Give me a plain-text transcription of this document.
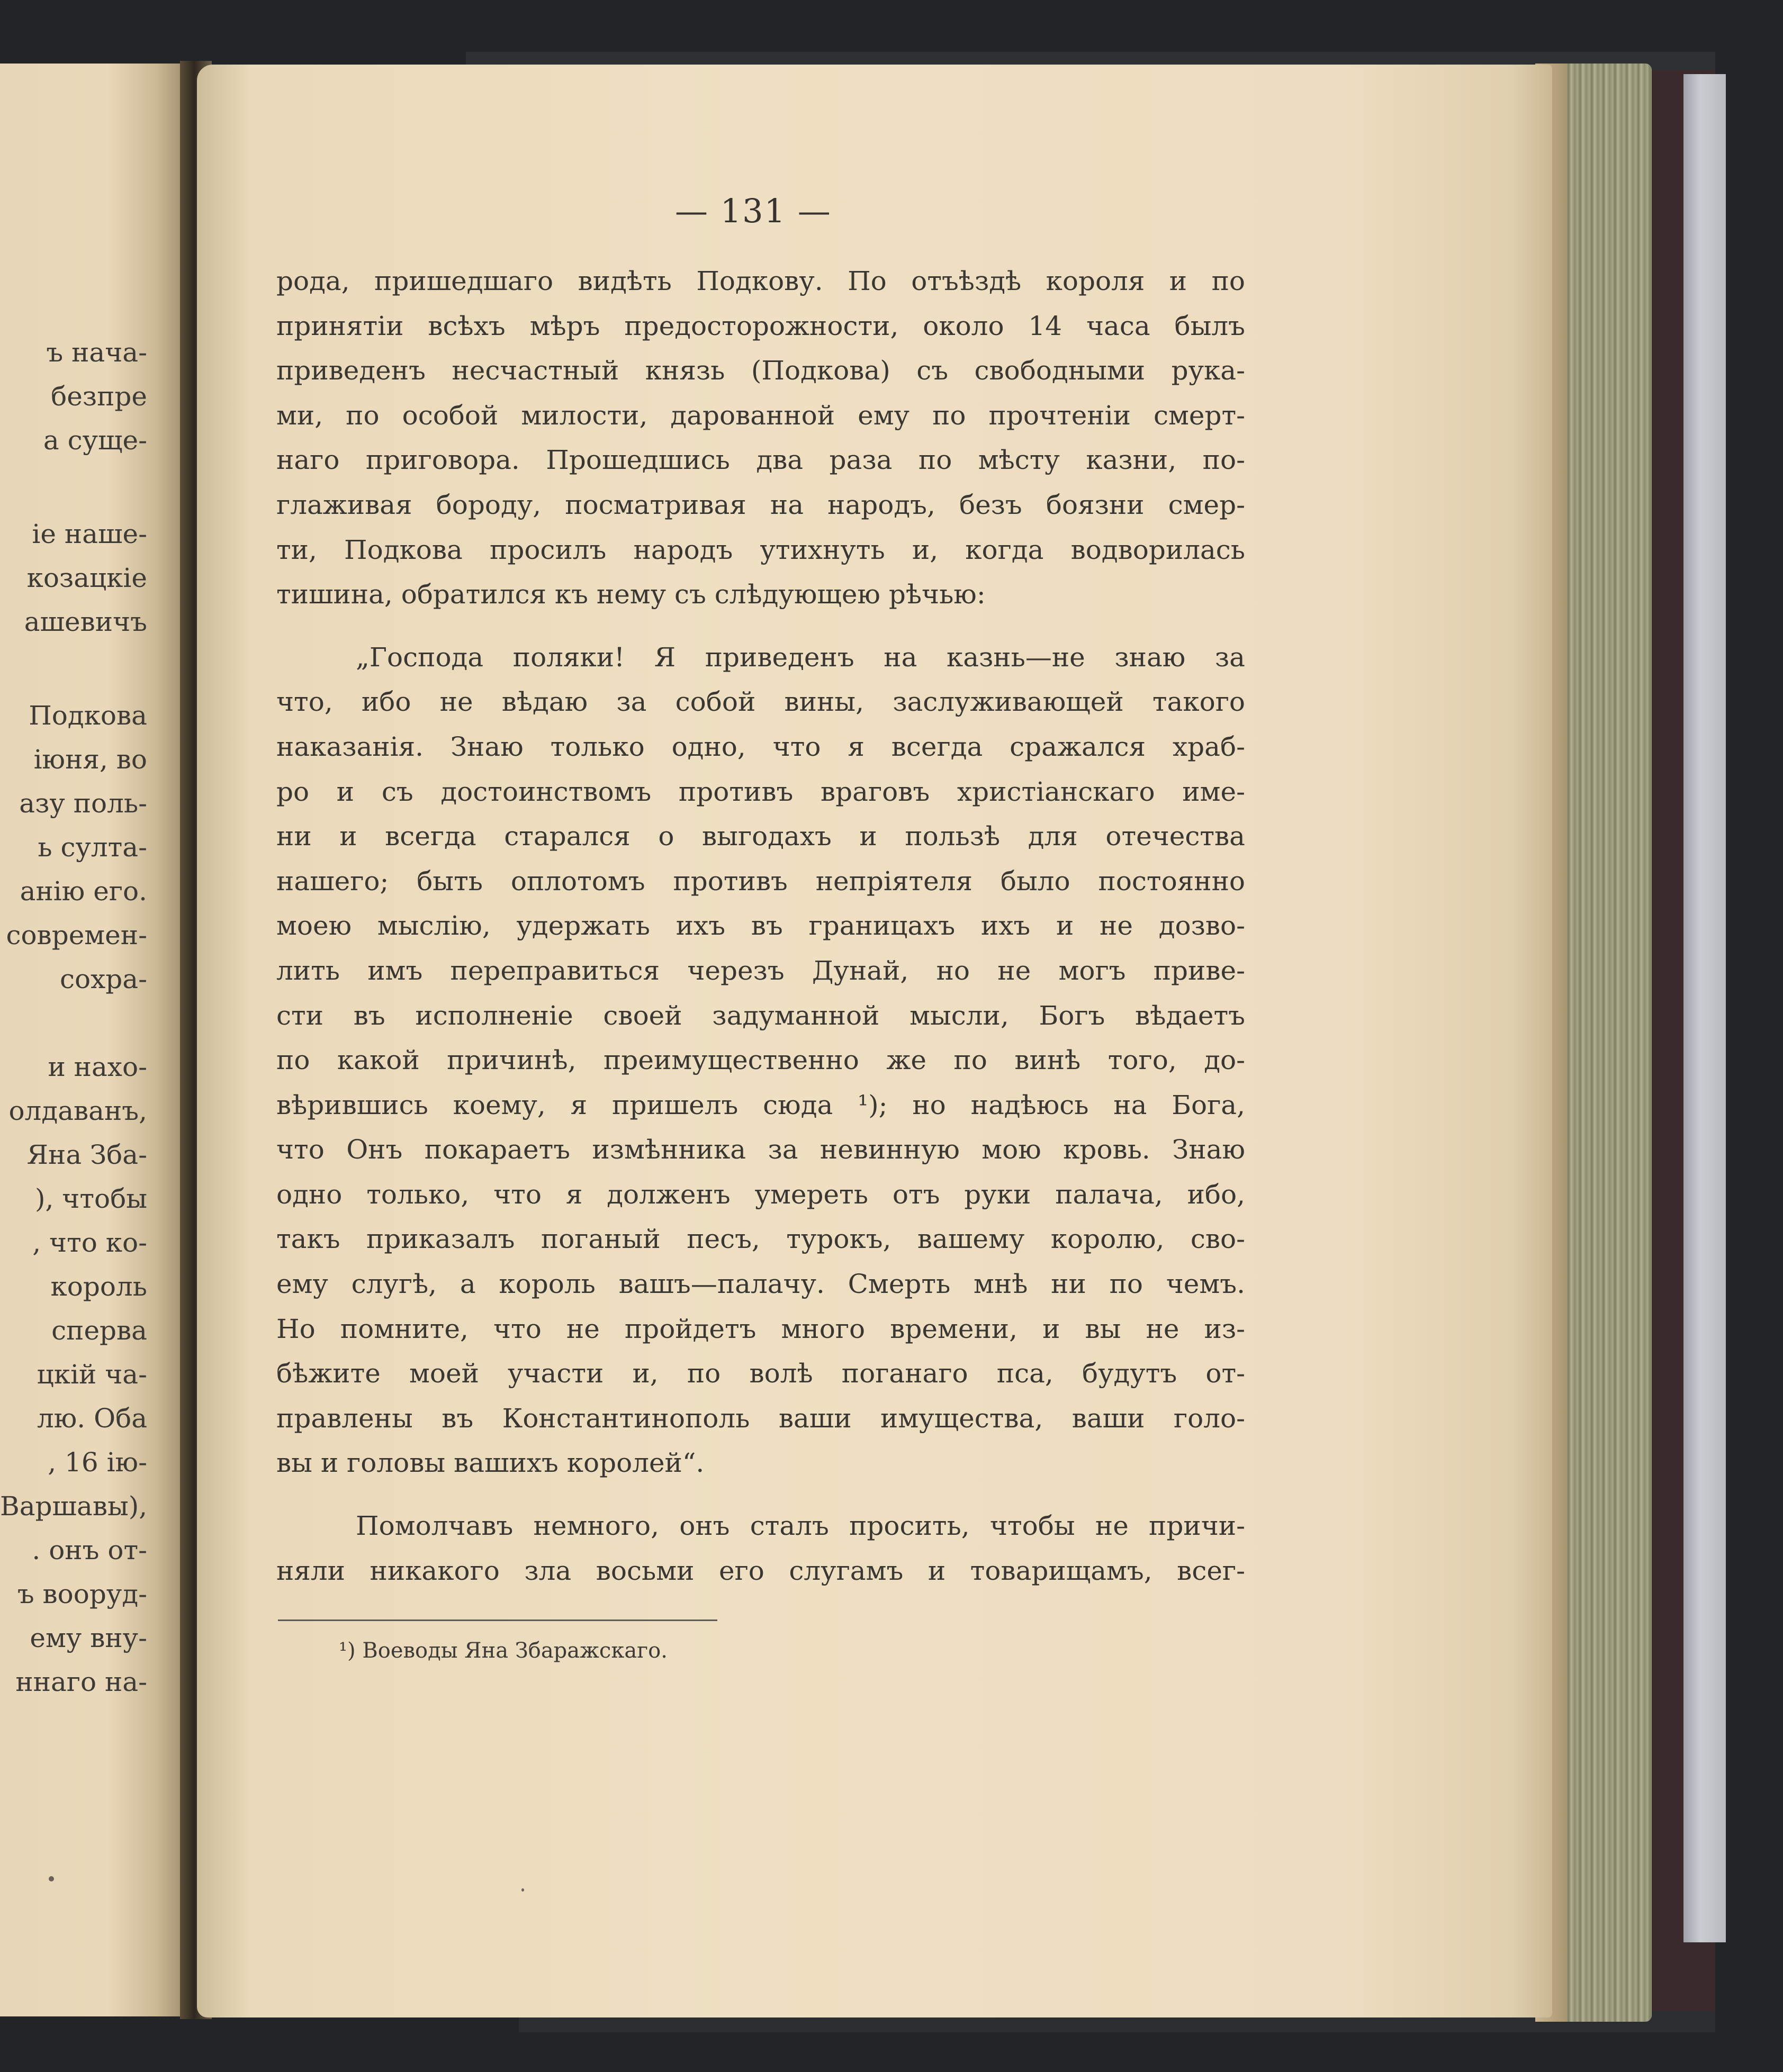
ъ нача-
безпре
а суще-
іе наше-
козацкіе
ашевичъ
Подкова
іюня, во
азу поль-
ь султа-
анію его.
современ-
сохра-
и нахо-
олдаванъ,
Яна Зба-
), чтобы
, что ко-
король
сперва
цкій ча-
лю. Оба
, 16 ію-
Варшавы),
. онъ от-
ъ вооруд-
ему вну-
ннаго на-
— 131 —
рода, пришедшаго видѣть Подкову. По отъѣздѣ короля и по
принятіи всѣхъ мѣръ предосторожности, около 14 часа былъ
приведенъ несчастный князь (Подкова) съ свободными рука-
ми, по особой милости, дарованной ему по прочтеніи смерт-
наго приговора. Прошедшись два раза по мѣсту казни, по-
глаживая бороду, посматривая на народъ, безъ боязни смер-
ти, Подкова просилъ народъ утихнуть и, когда водворилась
тишина, обратился къ нему съ слѣдующею рѣчью:
„Господа поляки! Я приведенъ на казнь—не знаю за
что, ибо не вѣдаю за собой вины, заслуживающей такого
наказанія. Знаю только одно, что я всегда сражался храб-
ро и съ достоинствомъ противъ враговъ христіанскаго име-
ни и всегда старался о выгодахъ и пользѣ для отечества
нашего; быть оплотомъ противъ непріятеля было постоянно
моею мыслію, удержать ихъ въ границахъ ихъ и не дозво-
лить имъ переправиться черезъ Дунай, но не могъ приве-
сти въ исполненіе своей задуманной мысли, Богъ вѣдаетъ
по какой причинѣ, преимущественно же по винѣ того, до-
вѣрившись коему, я пришелъ сюда ¹); но надѣюсь на Бога,
что Онъ покараетъ измѣнника за невинную мою кровь. Знаю
одно только, что я долженъ умереть отъ руки палача, ибо,
такъ приказалъ поганый песъ, турокъ, вашему королю, сво-
ему слугѣ, а король вашъ—палачу. Смерть мнѣ ни по чемъ.
Но помните, что не пройдетъ много времени, и вы не из-
бѣжите моей участи и, по волѣ поганаго пса, будутъ от-
правлены въ Константинополь ваши имущества, ваши голо-
вы и головы вашихъ королей“.
Помолчавъ немного, онъ сталъ просить, чтобы не причи-
няли никакого зла восьми его слугамъ и товарищамъ, всег-
¹) Воеводы Яна Збаражскаго.
